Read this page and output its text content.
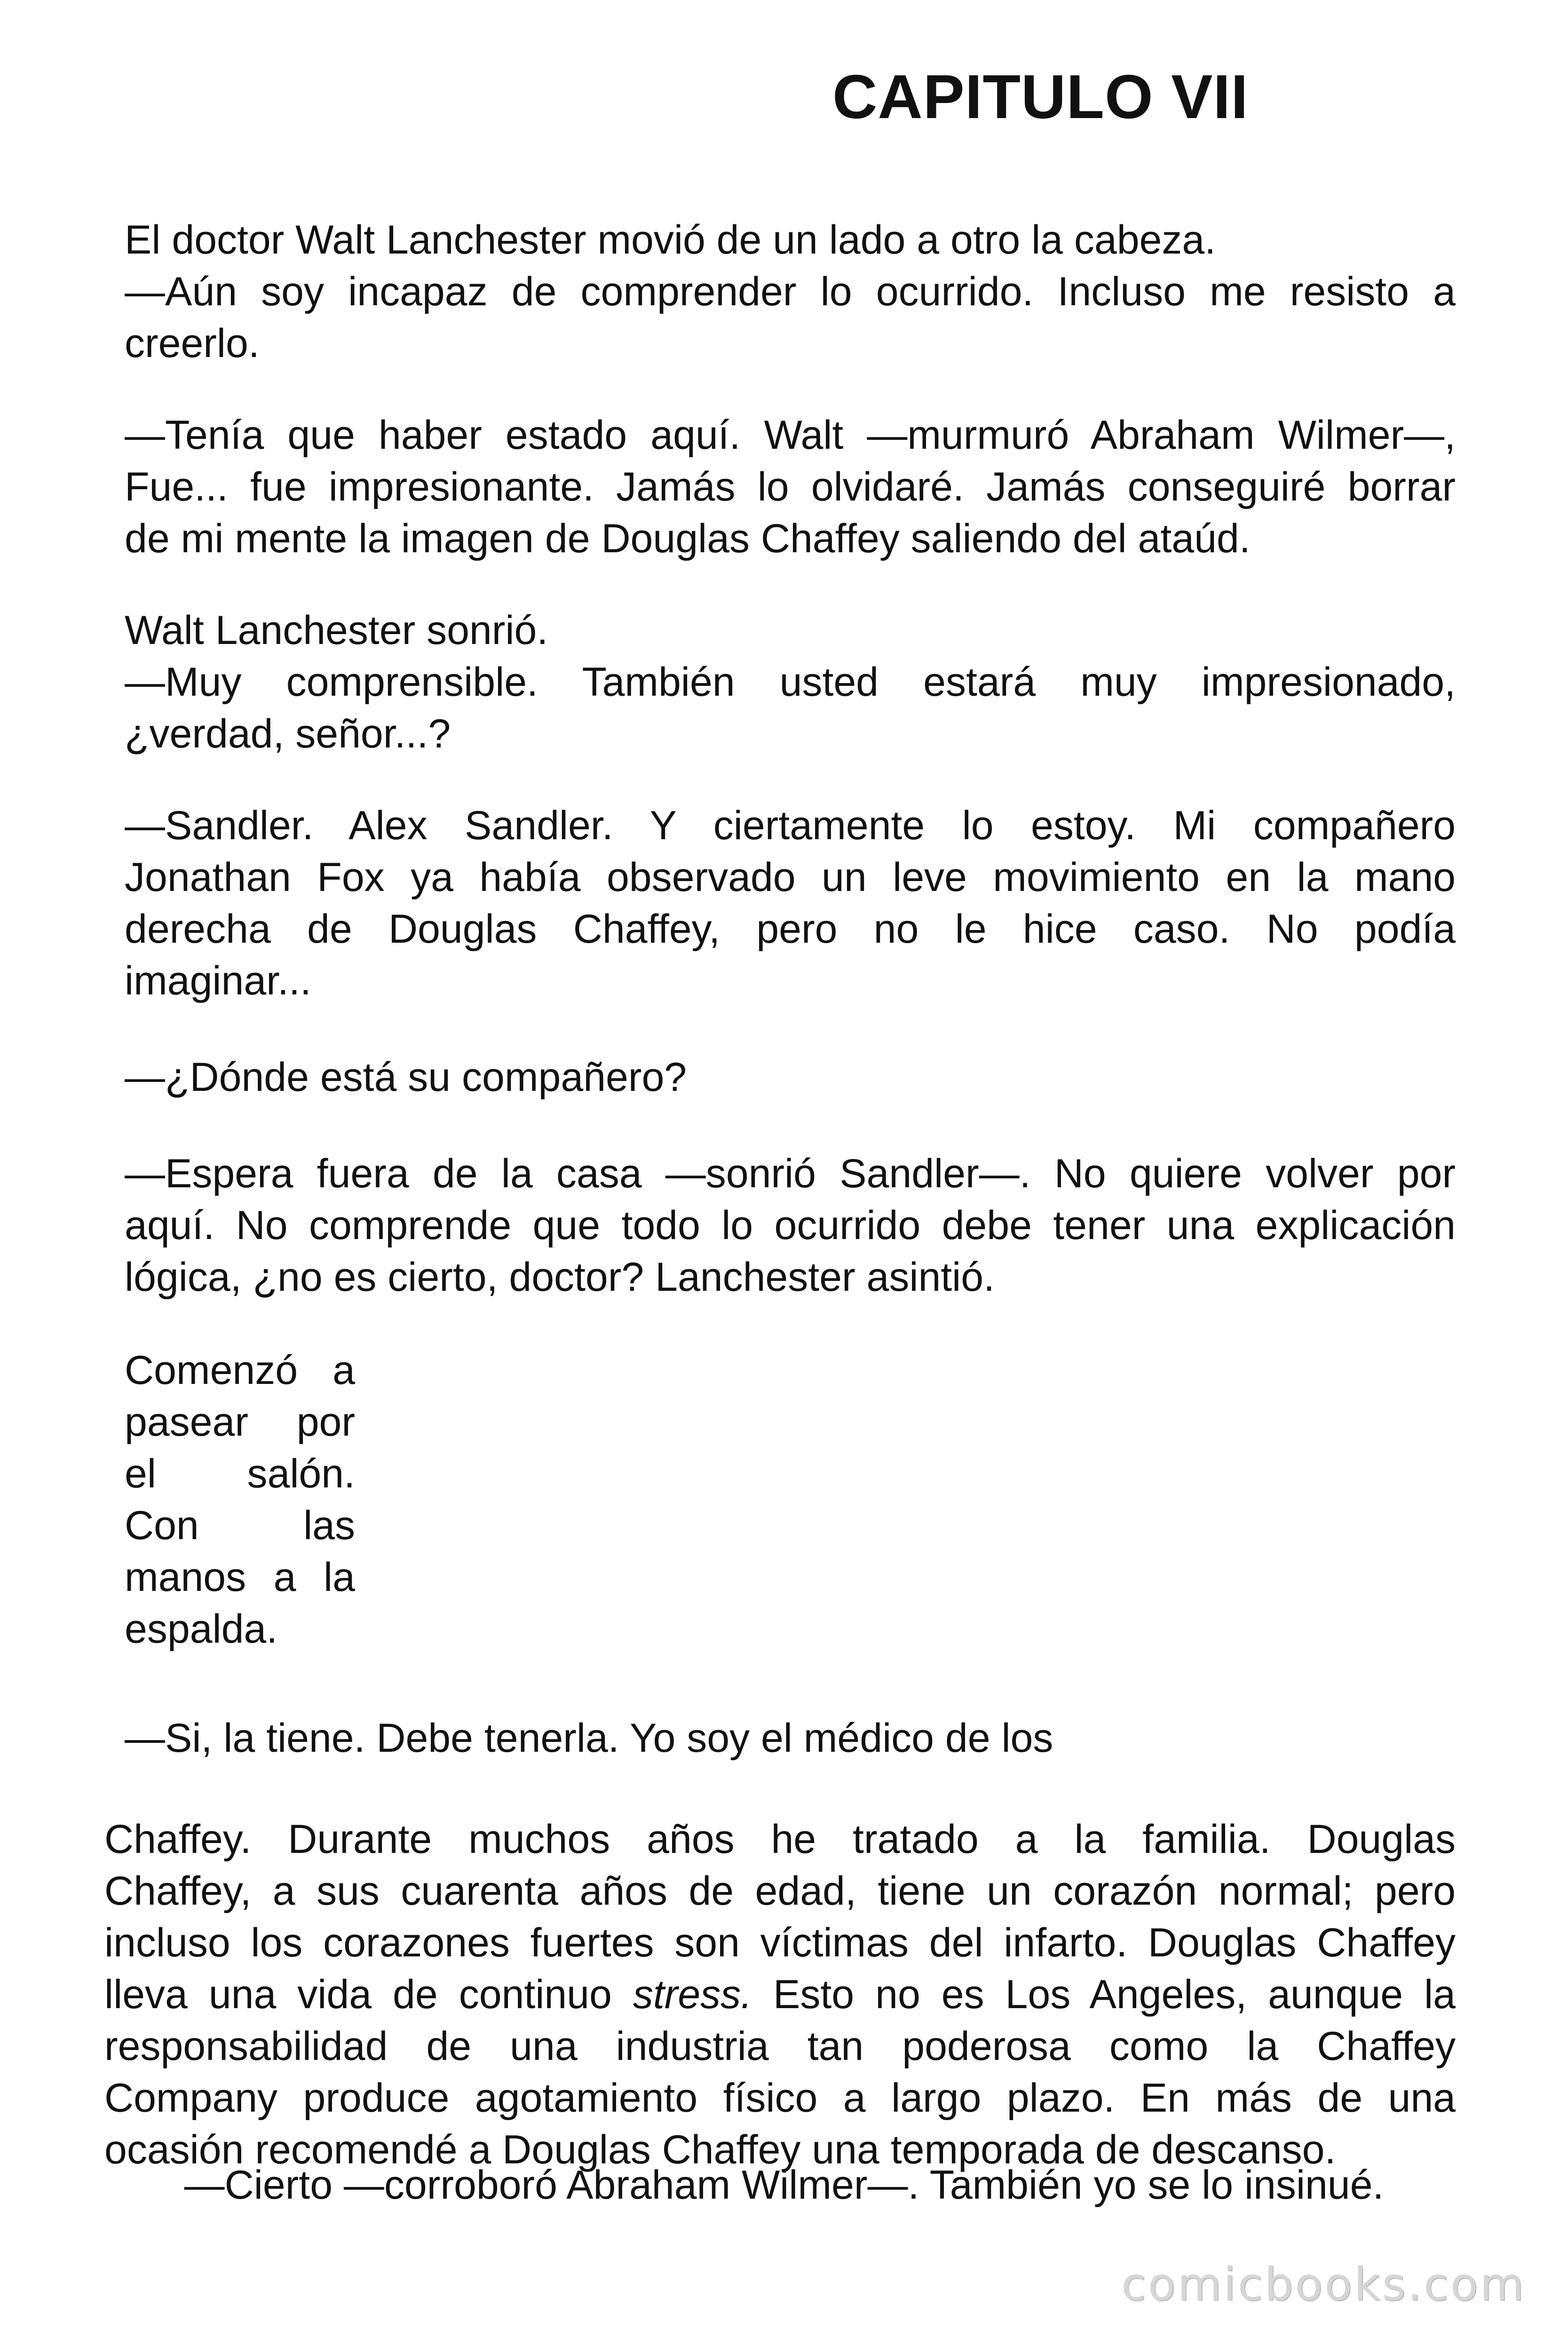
CAPITULO VII

El doctor Walt Lanchester movió de un lado a otro la cabeza.
—Aún soy incapaz de comprender lo ocurrido. Incluso me resisto a
creerlo.

—Tenía que haber estado aquí. Walt —murmuró Abraham Wilmer—,
Fue... fue impresionante. Jamás lo olvidaré. Jamás conseguiré borrar
de mi mente la imagen de Douglas Chaffey saliendo del ataúd.

Walt Lanchester sonrió.
—Muy comprensible. También usted estará muy impresionado,
¿verdad, señor...?

—Sandler. Alex Sandler. Y ciertamente lo estoy. Mi compañero
Jonathan Fox ya había observado un leve movimiento en la mano
derecha de Douglas Chaffey, pero no le hice caso. No podía
imaginar...

—¿Dónde está su compañero?

—Espera fuera de la casa —sonrió Sandler—. No quiere volver por
aquí. No comprende que todo lo ocurrido debe tener una explicación
lógica, ¿no es cierto, doctor? Lanchester asintió.

Comenzó a
pasear por
el salón.
Con las
manos a la
espalda.

—Si, la tiene. Debe tenerla. Yo soy el médico de los

Chaffey. Durante muchos años he tratado a la familia. Douglas
Chaffey, a sus cuarenta años de edad, tiene un corazón normal; pero
incluso los corazones fuertes son víctimas del infarto. Douglas Chaffey
lleva una vida de continuo stress. Esto no es Los Angeles, aunque la
responsabilidad de una industria tan poderosa como la Chaffey
Company produce agotamiento físico a largo plazo. En más de una
ocasión recomendé a Douglas Chaffey una temporada de descanso.

—Cierto —corroboró Abraham Wilmer—. También yo se lo insinué.

comicbooks.com
